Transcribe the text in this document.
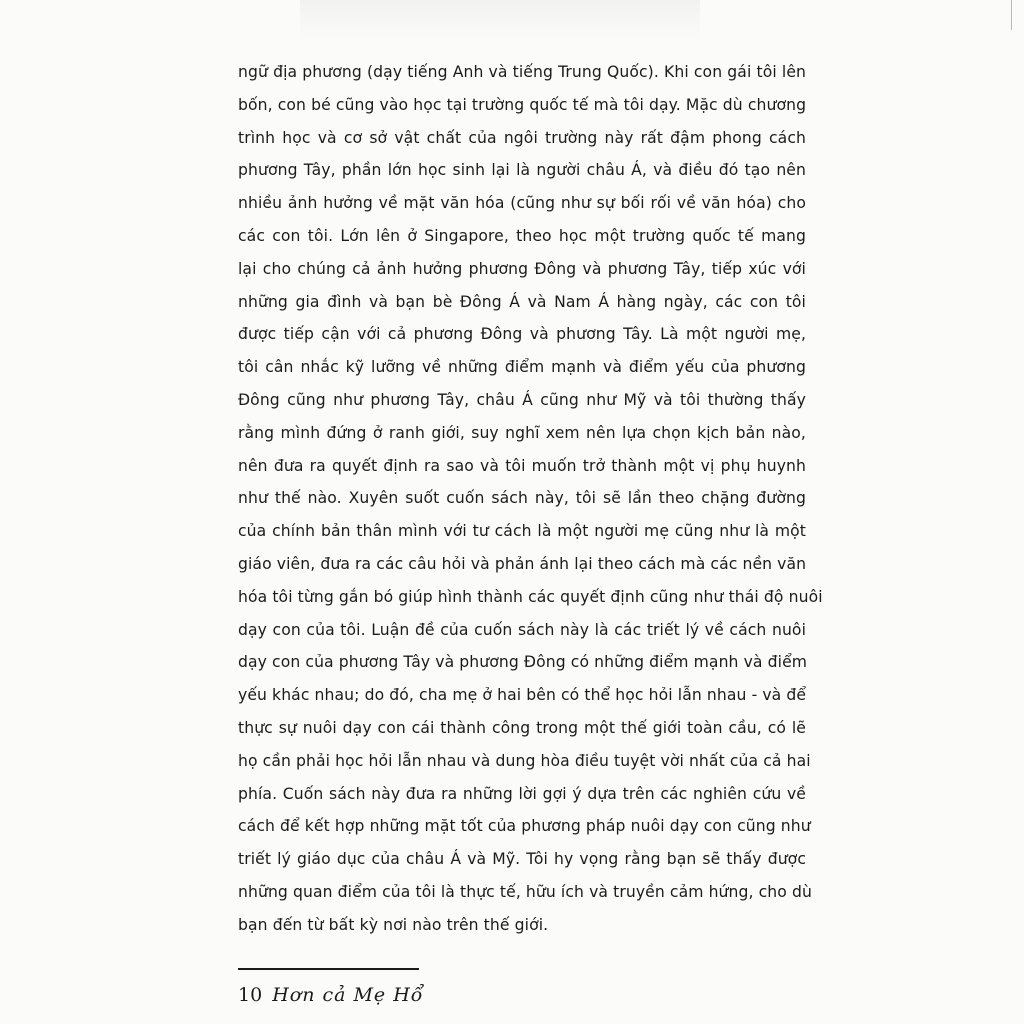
ngữ địa phương (dạy tiếng Anh và tiếng Trung Quốc). Khi con gái tôi lên
bốn, con bé cũng vào học tại trường quốc tế mà tôi dạy. Mặc dù chương
trình học và cơ sở vật chất của ngôi trường này rất đậm phong cách
phương Tây, phần lớn học sinh lại là người châu Á, và điều đó tạo nên
nhiều ảnh hưởng về mặt văn hóa (cũng như sự bối rối về văn hóa) cho
các con tôi. Lớn lên ở Singapore, theo học một trường quốc tế mang
lại cho chúng cả ảnh hưởng phương Đông và phương Tây, tiếp xúc với
những gia đình và bạn bè Đông Á và Nam Á hàng ngày, các con tôi
được tiếp cận với cả phương Đông và phương Tây. Là một người mẹ,
tôi cân nhắc kỹ lưỡng về những điểm mạnh và điểm yếu của phương
Đông cũng như phương Tây, châu Á cũng như Mỹ và tôi thường thấy
rằng mình đứng ở ranh giới, suy nghĩ xem nên lựa chọn kịch bản nào,
nên đưa ra quyết định ra sao và tôi muốn trở thành một vị phụ huynh
như thế nào. Xuyên suốt cuốn sách này, tôi sẽ lần theo chặng đường
của chính bản thân mình với tư cách là một người mẹ cũng như là một
giáo viên, đưa ra các câu hỏi và phản ánh lại theo cách mà các nền văn
hóa tôi từng gắn bó giúp hình thành các quyết định cũng như thái độ nuôi
dạy con của tôi. Luận đề của cuốn sách này là các triết lý về cách nuôi
dạy con của phương Tây và phương Đông có những điểm mạnh và điểm
yếu khác nhau; do đó, cha mẹ ở hai bên có thể học hỏi lẫn nhau - và để
thực sự nuôi dạy con cái thành công trong một thế giới toàn cầu, có lẽ
họ cần phải học hỏi lẫn nhau và dung hòa điều tuyệt vời nhất của cả hai
phía. Cuốn sách này đưa ra những lời gợi ý dựa trên các nghiên cứu về
cách để kết hợp những mặt tốt của phương pháp nuôi dạy con cũng như
triết lý giáo dục của châu Á và Mỹ. Tôi hy vọng rằng bạn sẽ thấy được
những quan điểm của tôi là thực tế, hữu ích và truyền cảm hứng, cho dù
bạn đến từ bất kỳ nơi nào trên thế giới.
10 Hơn cả Mẹ Hổ
